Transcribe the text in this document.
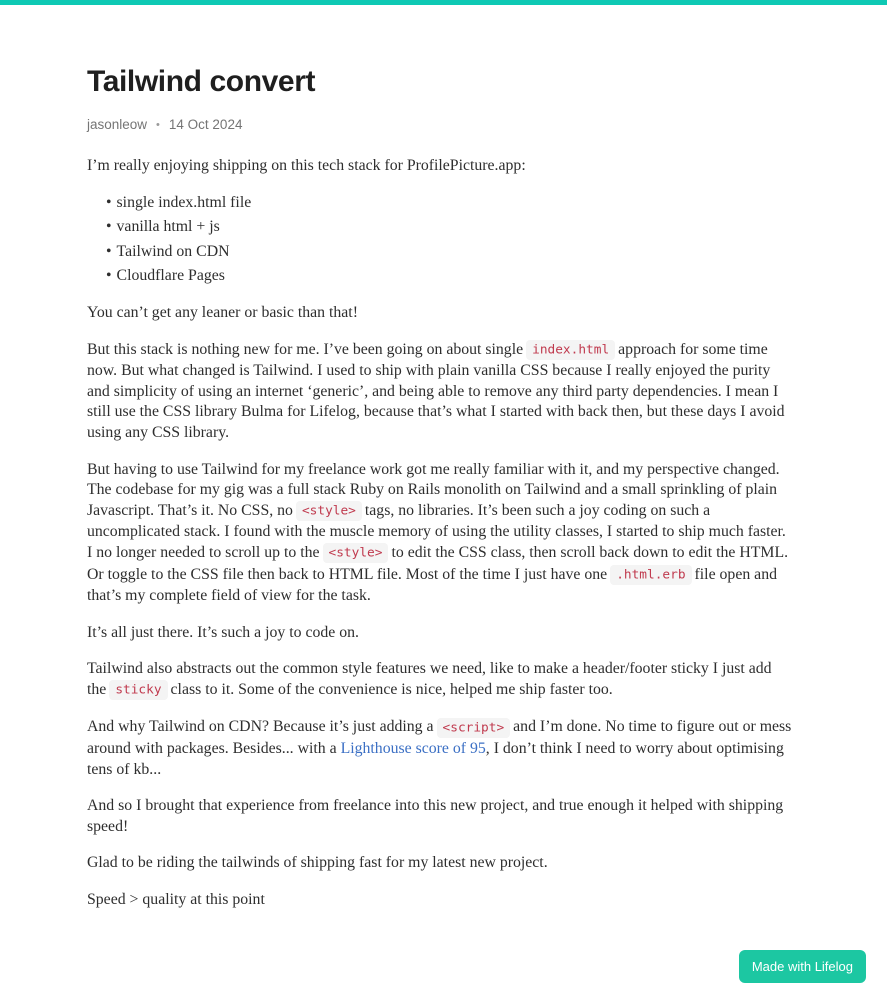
Tailwind convert
jasonleow • 14 Oct 2024

I’m really enjoying shipping on this tech stack for ProfilePicture.app:

• single index.html file
• vanilla html + js
• Tailwind on CDN
• Cloudflare Pages

You can’t get any leaner or basic than that!

But this stack is nothing new for me. I’ve been going on about single index.html approach for some time now. But what changed is Tailwind. I used to ship with plain vanilla CSS because I really enjoyed the purity and simplicity of using an internet ‘generic’, and being able to remove any third party dependencies. I mean I still use the CSS library Bulma for Lifelog, because that’s what I started with back then, but these days I avoid using any CSS library.

But having to use Tailwind for my freelance work got me really familiar with it, and my perspective changed. The codebase for my gig was a full stack Ruby on Rails monolith on Tailwind and a small sprinkling of plain Javascript. That’s it. No CSS, no <style> tags, no libraries. It’s been such a joy coding on such a uncomplicated stack. I found with the muscle memory of using the utility classes, I started to ship much faster. I no longer needed to scroll up to the <style> to edit the CSS class, then scroll back down to edit the HTML. Or toggle to the CSS file then back to HTML file. Most of the time I just have one .html.erb file open and that’s my complete field of view for the task.

It’s all just there. It’s such a joy to code on.

Tailwind also abstracts out the common style features we need, like to make a header/footer sticky I just add the sticky class to it. Some of the convenience is nice, helped me ship faster too.

And why Tailwind on CDN? Because it’s just adding a <script> and I’m done. No time to figure out or mess around with packages. Besides... with a Lighthouse score of 95, I don’t think I need to worry about optimising tens of kb...

And so I brought that experience from freelance into this new project, and true enough it helped with shipping speed!

Glad to be riding the tailwinds of shipping fast for my latest new project.

Speed > quality at this point

Made with Lifelog
